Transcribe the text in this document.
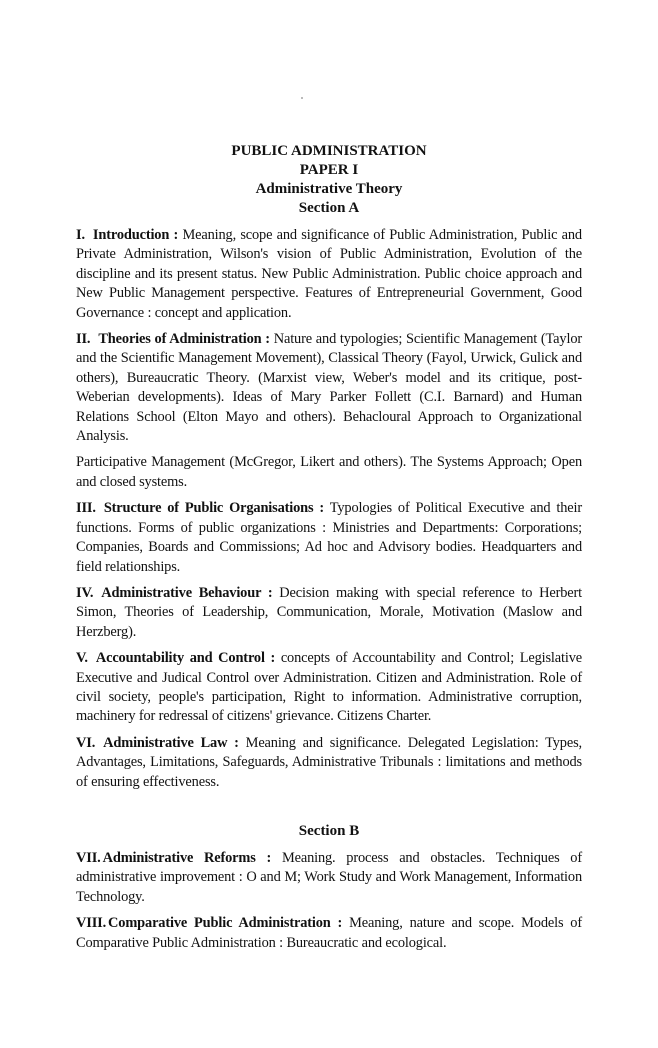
PUBLIC ADMINISTRATION
PAPER I
Administrative Theory
Section A

I. Introduction : Meaning, scope and significance of Public Administration, Public and Private Administration, Wilson's vision of Public Administration, Evolution of the discipline and its present status. New Public Administration. Public choice approach and New Public Management perspective. Features of Entrepreneurial Government, Good Governance : concept and application.

II. Theories of Administration : Nature and typologies; Scientific Management (Taylor and the Scientific Management Movement), Classical Theory (Fayol, Urwick, Gulick and others), Bureaucratic Theory. (Marxist view, Weber's model and its critique, post-Weberian developments). Ideas of Mary Parker Follett (C.I. Barnard) and Human Relations School (Elton Mayo and others). Behacloural Approach to Organizational Analysis.

Participative Management (McGregor, Likert and others). The Systems Approach; Open and closed systems.

III. Structure of Public Organisations : Typologies of Political Executive and their functions. Forms of public organizations : Ministries and Departments: Corporations; Companies, Boards and Commissions; Ad hoc and Advisory bodies. Headquarters and field relationships.

IV. Administrative Behaviour : Decision making with special reference to Herbert Simon, Theories of Leadership, Communication, Morale, Motivation (Maslow and Herzberg).

V. Accountability and Control : concepts of Accountability and Control; Legislative Executive and Judical Control over Administration. Citizen and Administration. Role of civil society, people's participation, Right to information. Administrative corruption, machinery for redressal of citizens' grievance. Citizens Charter.

VI. Administrative Law : Meaning and significance. Delegated Legislation: Types, Advantages, Limitations, Safeguards, Administrative Tribunals : limitations and methods of ensuring effectiveness.

Section B

VII. Administrative Reforms : Meaning. process and obstacles. Techniques of administrative improvement : O and M; Work Study and Work Management, Information Technology.

VIII. Comparative Public Administration : Meaning, nature and scope. Models of Comparative Public Administration : Bureaucratic and ecological.
